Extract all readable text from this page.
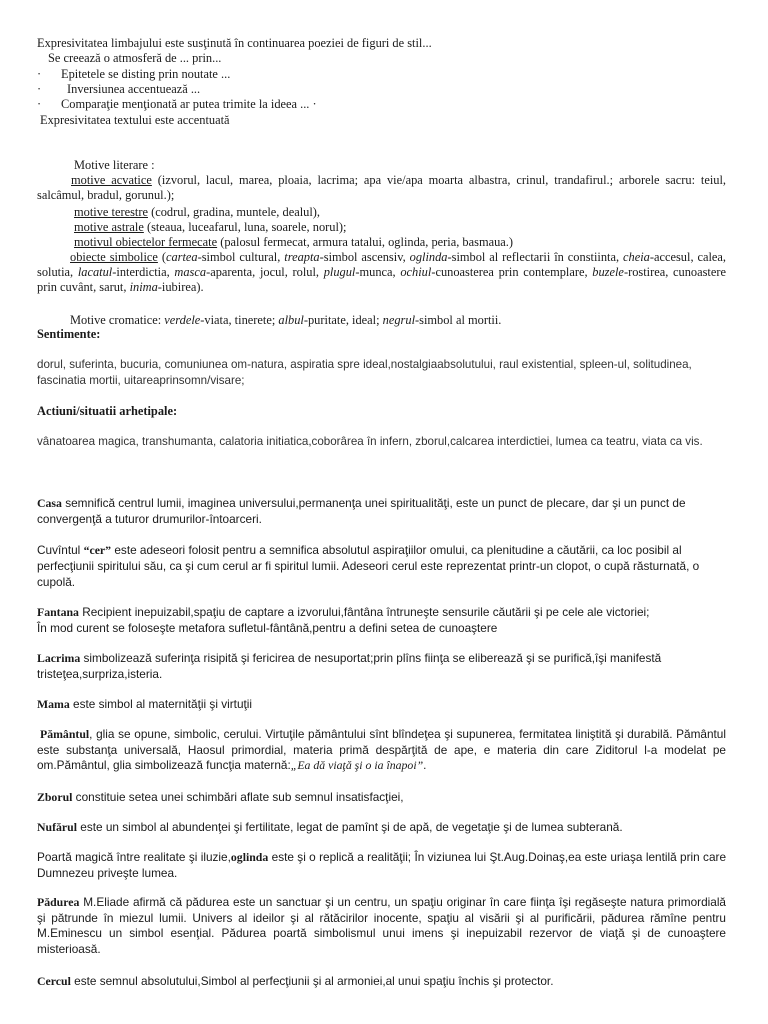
Expresivitatea limbajului este susţinută în continuarea poeziei de figuri de stil...
Se creează o atmosferă de ... prin...
· Epitetele se disting prin noutate ...
· Inversiunea accentuează ...
· Comparaţie menţionată ar putea trimite la ideea ... ·
Expresivitatea textului este accentuată
Motive literare :
motive acvatice (izvorul, lacul, marea, ploaia, lacrima; apa vie/apa moarta albastra, crinul, trandafirul.; arborele sacru: teiul, salcâmul, bradul, gorunul.);
motive terestre (codrul, gradina, muntele, dealul),
motive astrale (steaua, luceafarul, luna, soarele, norul);
motivul obiectelor fermecate (palosul fermecat, armura tatalui, oglinda, peria, basmaua.)
obiecte simbolice (cartea-simbol cultural, treapta-simbol ascensiv, oglinda-simbol al reflectarii în constiinta, cheia-accesul, calea, solutia, lacatul-interdictia, masca-aparenta, jocul, rolul, plugul-munca, ochiul-cunoasterea prin contemplare, buzele-rostirea, cunoastere prin cuvânt, sarut, inima-iubirea).
Motive cromatice: verdele-viata, tinerete; albul-puritate, ideal; negrul-simbol al mortii.
Sentimente:
dorul, suferinta, bucuria, comuniunea om-natura, aspiratia spre ideal,nostalgiaabsolutului, raul existential, spleen-ul, solitudinea, fascinatia mortii, uitareaprinsomn/visare;
Actiuni/situatii arhetipale:
vânatoarea magica, transhumanta, calatoria initiatica,coborârea în infern, zborul,calcarea interdictiei, lumea ca teatru, viata ca vis.
Casa semnifică centrul lumii, imaginea universului,permanenţa unei spiritualităţi, este un punct de plecare, dar şi un punct de convergenţă a tuturor drumurilor-întoarceri.
Cuvîntul “cer” este adeseori folosit pentru a semnifica absolutul aspiraţiilor omului, ca plenitudine a căutării, ca loc posibil al perfecţiunii spiritului său, ca şi cum cerul ar fi spiritul lumii. Adeseori cerul este reprezentat printr-un clopot, o cupă răsturnată, o cupolă.
Fantana Recipient inepuizabil,spaţiu de captare a izvorului,fântâna întruneşte sensurile căutării şi pe cele ale victoriei;
În mod curent se foloseşte metafora sufletul-fântână,pentru a defini setea de cunoaştere
Lacrima simbolizează suferinţa risipită şi fericirea de nesuportat;prin plîns fiinţa se eliberează şi se purifică,îşi manifestă tristeţea,surpriza,isteria.
Mama este simbol al maternităţii şi virtuţii
Pământul, glia se opune, simbolic, cerului. Virtuţile pământului sînt blîndeţea şi supunerea, fermitatea liniştită şi durabilă. Pământul este substanţa universală, Haosul primordial, materia primă despărţită de ape, e materia din care Ziditorul l-a modelat pe om.Pământul, glia simbolizează funcţia maternă:„Ea dă viaţă şi o ia înapoi”.
Zborul constituie setea unei schimbări aflate sub semnul insatisfacţiei,
Nufărul este un simbol al abundenţei şi fertilitate, legat de pamînt şi de apă, de vegetaţie şi de lumea subterană.
Poartă magică între realitate şi iluzie,oglinda este şi o replică a realităţii; În viziunea lui Şt.Aug.Doinaş,ea este uriaşa lentilă prin care Dumnezeu priveşte lumea.
Pădurea M.Eliade afirmă că pădurea este un sanctuar şi un centru, un spaţiu originar în care fiinţa îşi regăseşte natura primordială şi pătrunde în miezul lumii. Univers al ideilor şi al rătăcirilor inocente, spaţiu al visării şi al purificării, pădurea rămîne pentru M.Eminescu un simbol esenţial. Pădurea poartă simbolismul unui imens şi inepuizabil rezervor de viaţă şi de cunoaştere misterioasă.
Cercul este semnul absolutului,Simbol al perfecţiunii şi al armoniei,al unui spaţiu închis şi protector.
